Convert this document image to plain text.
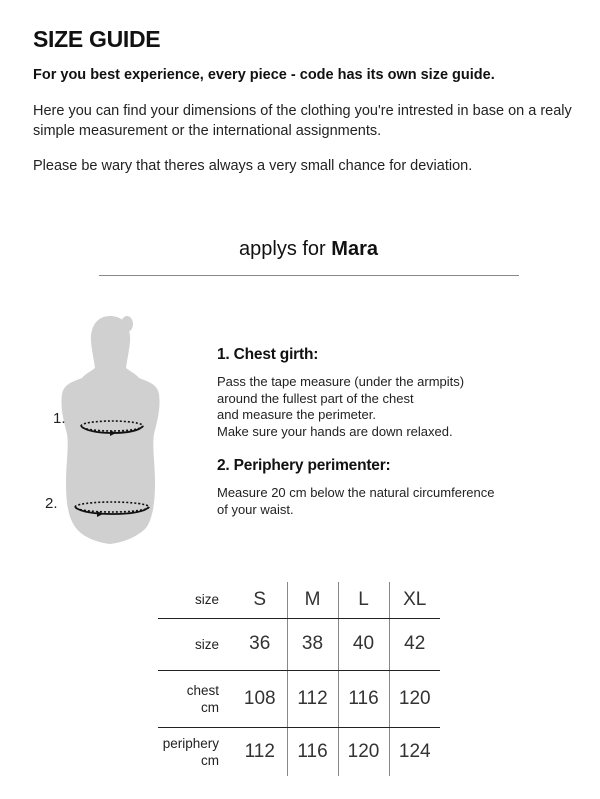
SIZE GUIDE
For you best experience, every piece - code has its own size guide.
Here you can find your dimensions of the clothing you're intrested in base on a realy simple measurement or the international assignments.
Please be wary that theres always a very small chance for deviation.
applys for Mara
1.
2.
1. Chest girth:

Pass the tape measure (under the armpits)
around the fullest part of the chest
and measure the perimeter.
Make sure your hands are down relaxed.

2. Periphery perimenter:

Measure 20 cm below the natural circumference
of your waist.

size	S	M	L	XL
size	36	38	40	42
chest
cm	108	112	116	120
periphery
cm	112	116	120	124
